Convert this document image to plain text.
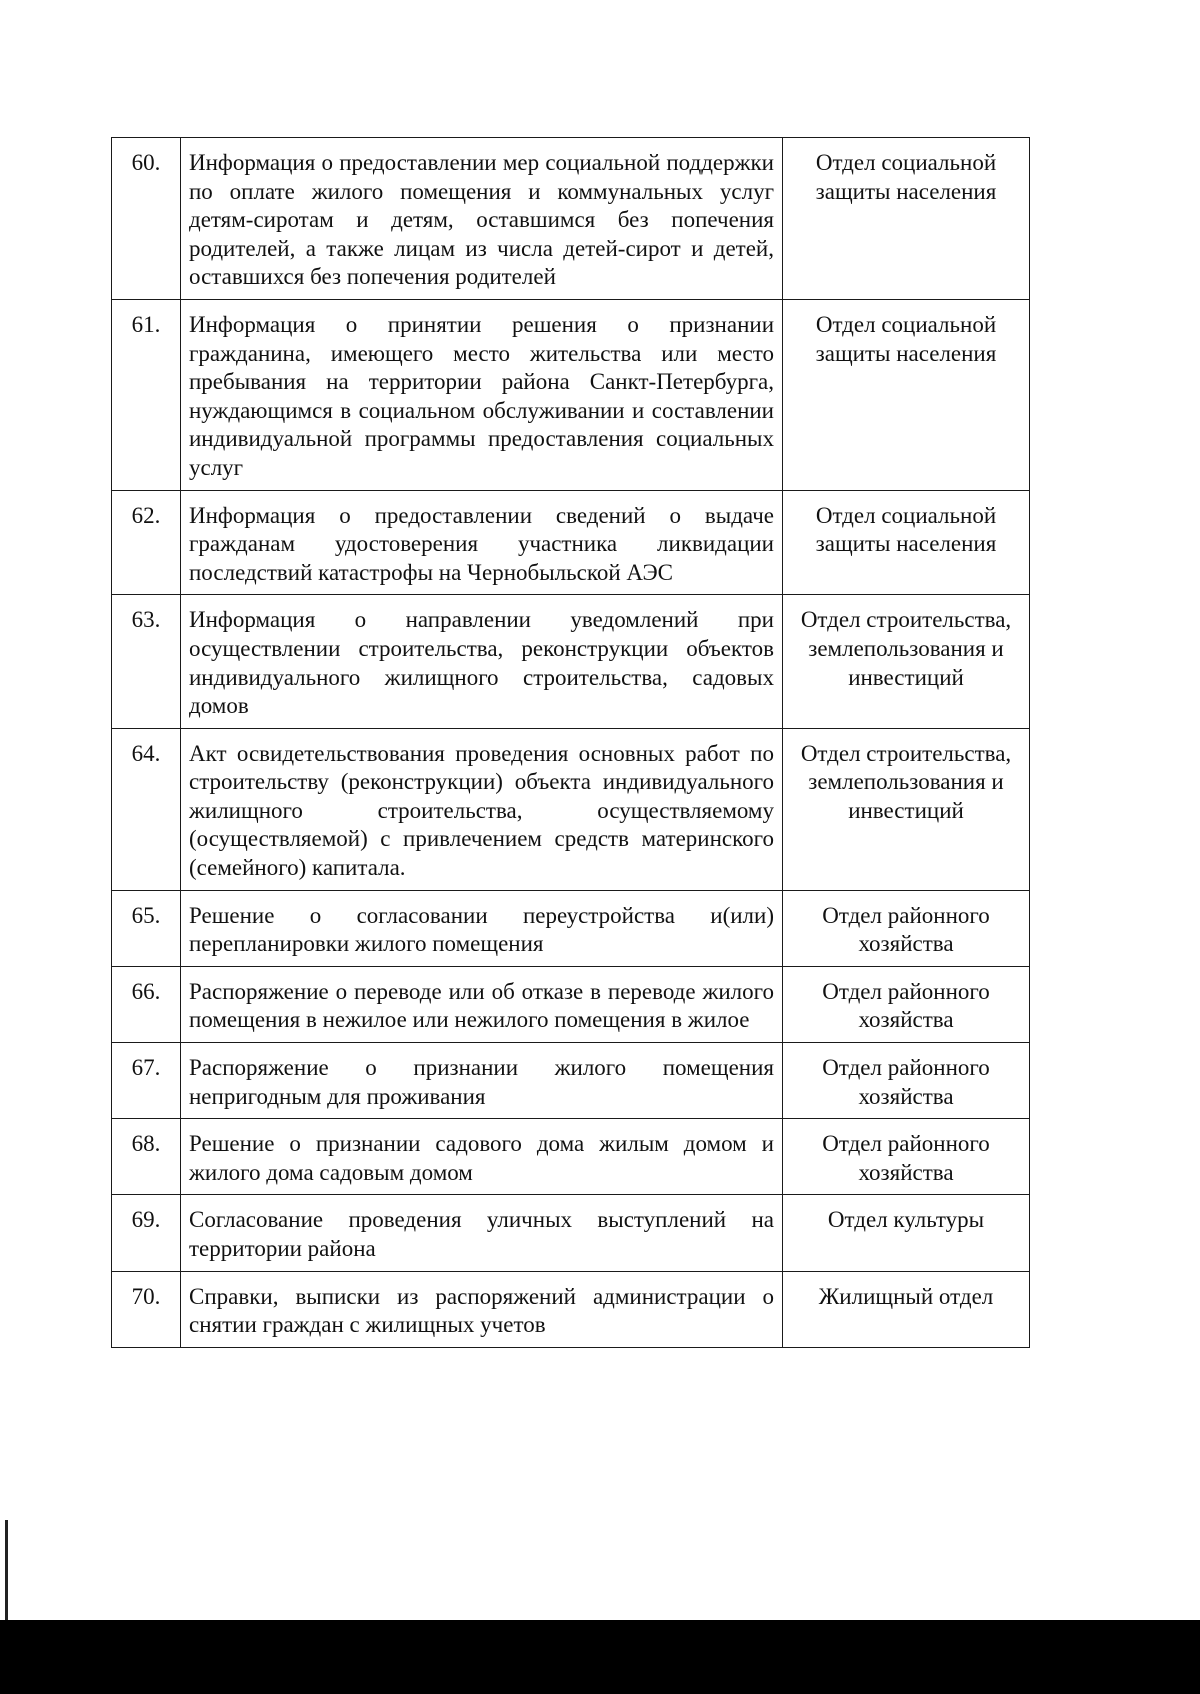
60.	Информация о предоставлении мер социальной поддержки по оплате жилого помещения и коммунальных услуг детям-сиротам и детям, оставшимся без попечения родителей, а также лицам из числа детей-сирот и детей, оставшихся без попечения родителей	Отдел социальной защиты населения
61.	Информация о принятии решения о признании гражданина, имеющего место жительства или место пребывания на территории района Санкт-Петербурга, нуждающимся в социальном обслуживании и составлении индивидуальной программы предоставления социальных услуг	Отдел социальной защиты населения
62.	Информация о предоставлении сведений о выдаче гражданам удостоверения участника ликвидации последствий катастрофы на Чернобыльской АЭС	Отдел социальной защиты населения
63.	Информация о направлении уведомлений при осуществлении строительства, реконструкции объектов индивидуального жилищного строительства, садовых домов	Отдел строительства, землепользования и инвестиций
64.	Акт освидетельствования проведения основных работ по строительству (реконструкции) объекта индивидуального жилищного строительства, осуществляемому (осуществляемой) с привлечением средств материнского (семейного) капитала.	Отдел строительства, землепользования и инвестиций
65.	Решение о согласовании переустройства и(или) перепланировки жилого помещения	Отдел районного хозяйства
66.	Распоряжение о переводе или об отказе в переводе жилого помещения в нежилое или нежилого помещения в жилое	Отдел районного хозяйства
67.	Распоряжение о признании жилого помещения непригодным для проживания	Отдел районного хозяйства
68.	Решение о признании садового дома жилым домом и жилого дома садовым домом	Отдел районного хозяйства
69.	Согласование проведения уличных выступлений на территории района	Отдел культуры
70.	Справки, выписки из распоряжений администрации о снятии граждан с жилищных учетов	Жилищный отдел
